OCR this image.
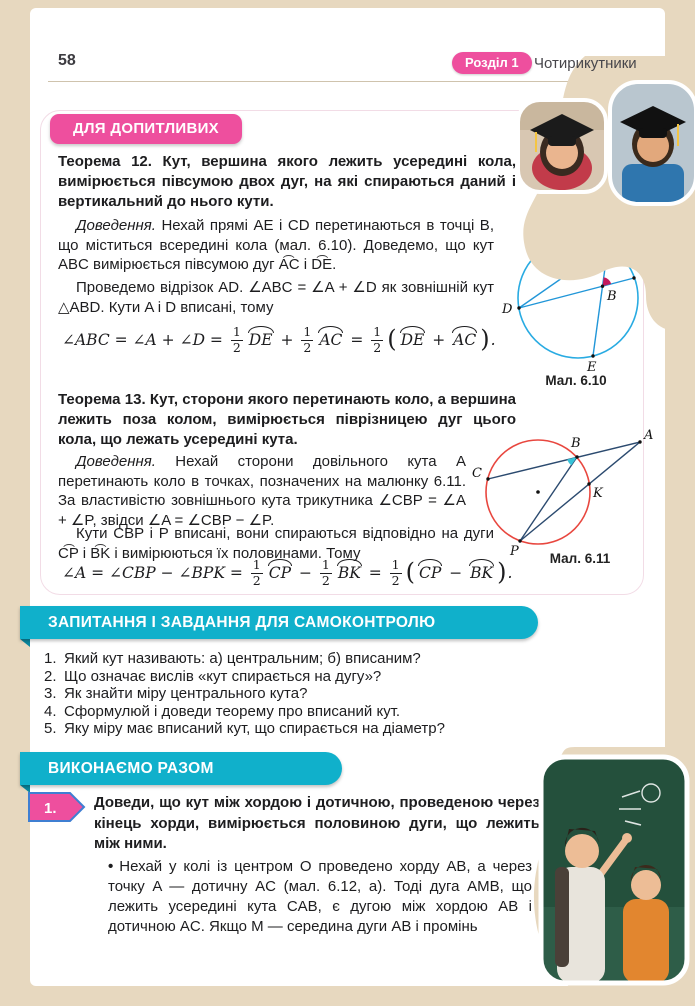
58	Розділ 1	Чотирикутники
ДЛЯ ДОПИТЛИВИХ
Теорема 12. Кут, вершина якого лежить усередині кола, вимірюється півсумою двох дуг, на які спираються даний і вертикальний до нього кути.
Доведення. Нехай прямі AE і CD перетинаються в точці B, що міститься всередині кола (мал. 6.10). Доведемо, що кут ABC вимірюється півсумою дуг A͡C і D͡E.
Проведемо відрізок AD. ∠ABC = ∠A + ∠D як зовнішній кут △ABD. Кути A і D вписані, тому
∠ABC = ∠A + ∠D = $\frac{1}{2}$ DE + $\frac{1}{2}$ AC = $\frac{1}{2}$ ( DE + AC ) .
B
D
E
Мал. 6.10
Теорема 13. Кут, сторони якого перетинають коло, а вершина лежить поза колом, вимірюється піврізницею дуг цього кола, що лежать усередині кута.
Доведення. Нехай сторони довільного кута A перетинають коло в точках, позначених на малюнку 6.11. За властивістю зовнішнього кута трикутника ∠CBP = ∠A + ∠P, звідси ∠A = ∠CBP − ∠P.
Кути CBP і P вписані, вони спираються відповідно на дуги C͡P і B͡K і вимірюються їх половинами. Тому
∠A = ∠CBP − ∠BPK = $\frac{1}{2}$ CP − $\frac{1}{2}$ BK = $\frac{1}{2}$ ( CP − BK ) .
C
B
A
K
P	Мал. 6.11
ЗАПИТАННЯ І ЗАВДАННЯ ДЛЯ САМОКОНТРОЛЮ
1. Який кут називають: а) центральним; б) вписаним?
2. Що означає вислів «кут спирається на дугу»?
3. Як знайти міру центрального кута?
4. Сформулюй і доведи теорему про вписаний кут.
5. Яку міру має вписаний кут, що спирається на діаметр?
ВИКОНАЄМО РАЗОМ
1. Доведи, що кут між хордою і дотичною, проведеною через кінець хорди, вимірюється половиною дуги, що лежить між ними.
• Нехай у колі із центром O проведено хорду AB, а через точку A — дотичну AC (мал. 6.12, а). Тоді дуга AMB, що лежить усередині кута CAB, є дугою між хордою AB і дотичною AC. Якщо M — середина дуги AB і промінь
